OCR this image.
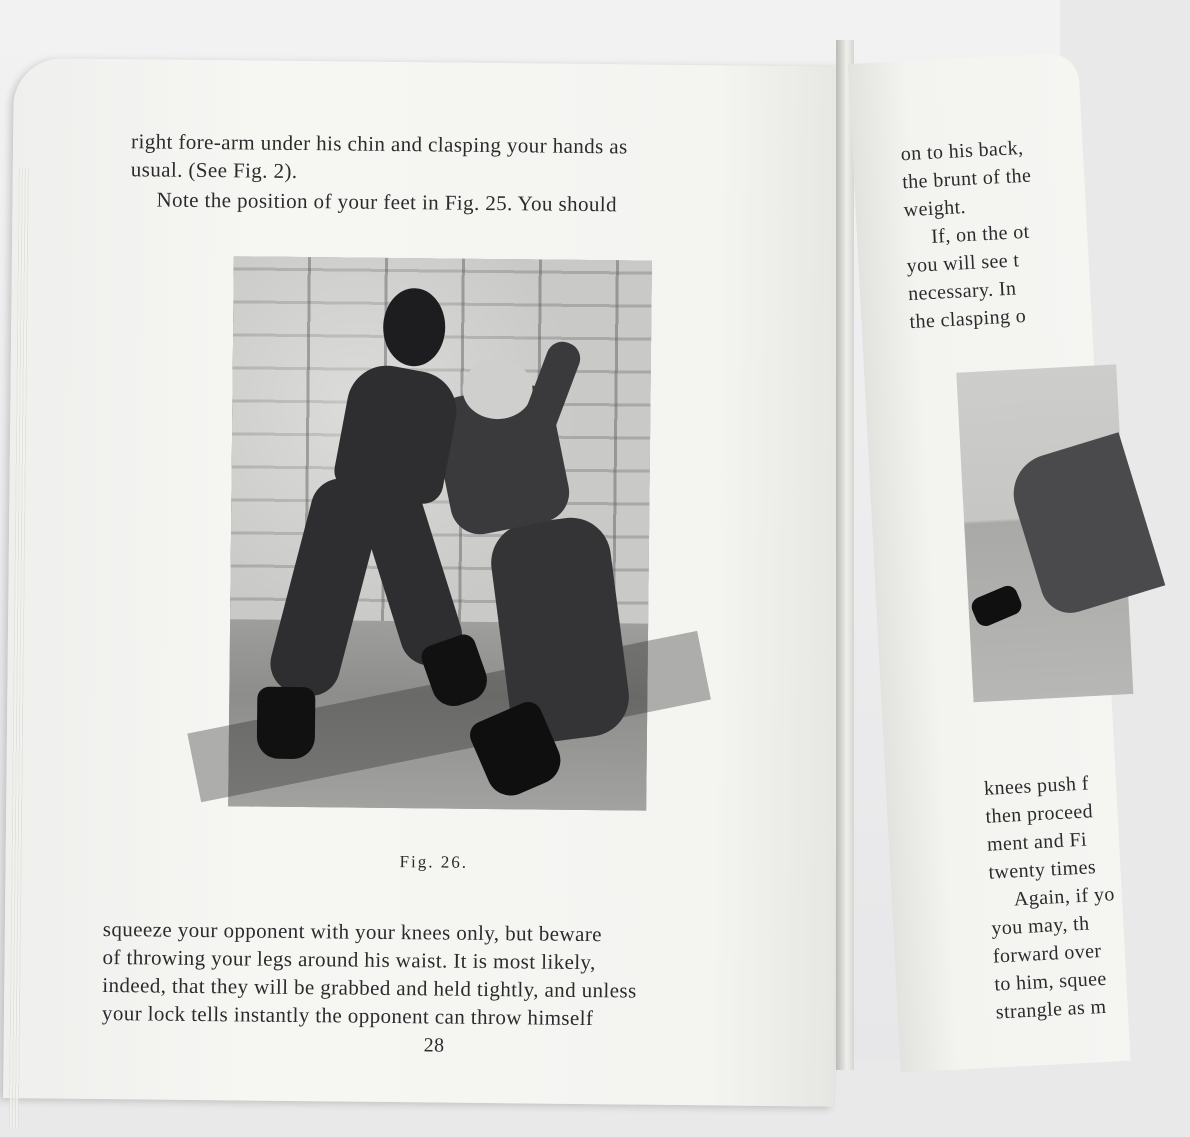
right fore-arm under his chin and clasping your hands as
usual. (See Fig. 2).
Note the position of your feet in Fig. 25. You should
Fig. 26.
squeeze your opponent with your knees only, but beware
of throwing your legs around his waist. It is most likely,
indeed, that they will be grabbed and held tightly, and unless
your lock tells instantly the opponent can throw himself
28
on to his back,
the brunt of the
weight.
If, on the ot
you will see t
necessary. In
the clasping o
knees push f
then proceed
ment and Fi
twenty times
Again, if yo
you may, th
forward over
to him, squee
strangle as m
